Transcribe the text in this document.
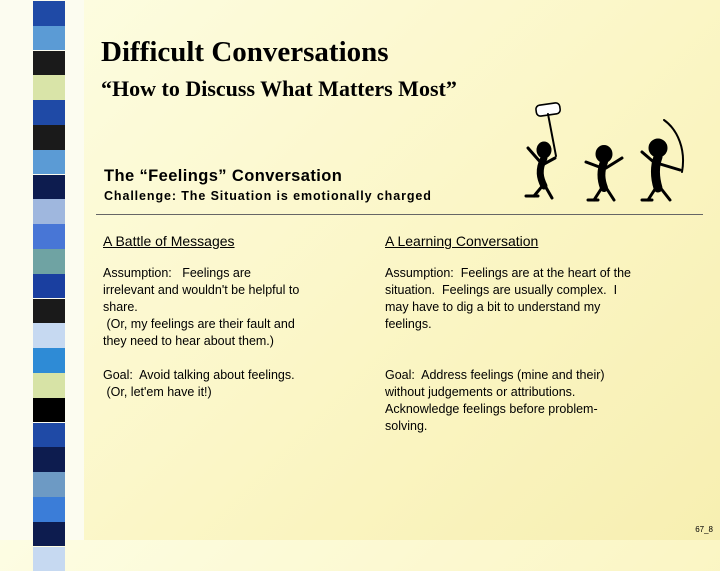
Difficult Conversations
“How to Discuss What Matters Most”
The “Feelings” Conversation
Challenge: The Situation is emotionally charged
A Battle of Messages
Assumption:   Feelings are
irrelevant and wouldn't be helpful to
share.
(Or, my feelings are their fault and
they need to hear about them.)
Goal:  Avoid talking about feelings.
(Or, let'em have it!)
A Learning Conversation
Assumption:  Feelings are at the heart of the
situation.  Feelings are usually complex.  I
may have to dig a bit to understand my
feelings.
Goal:  Address feelings (mine and their)
without judgements or attributions.
Acknowledge feelings before problem-
solving.
67_8
